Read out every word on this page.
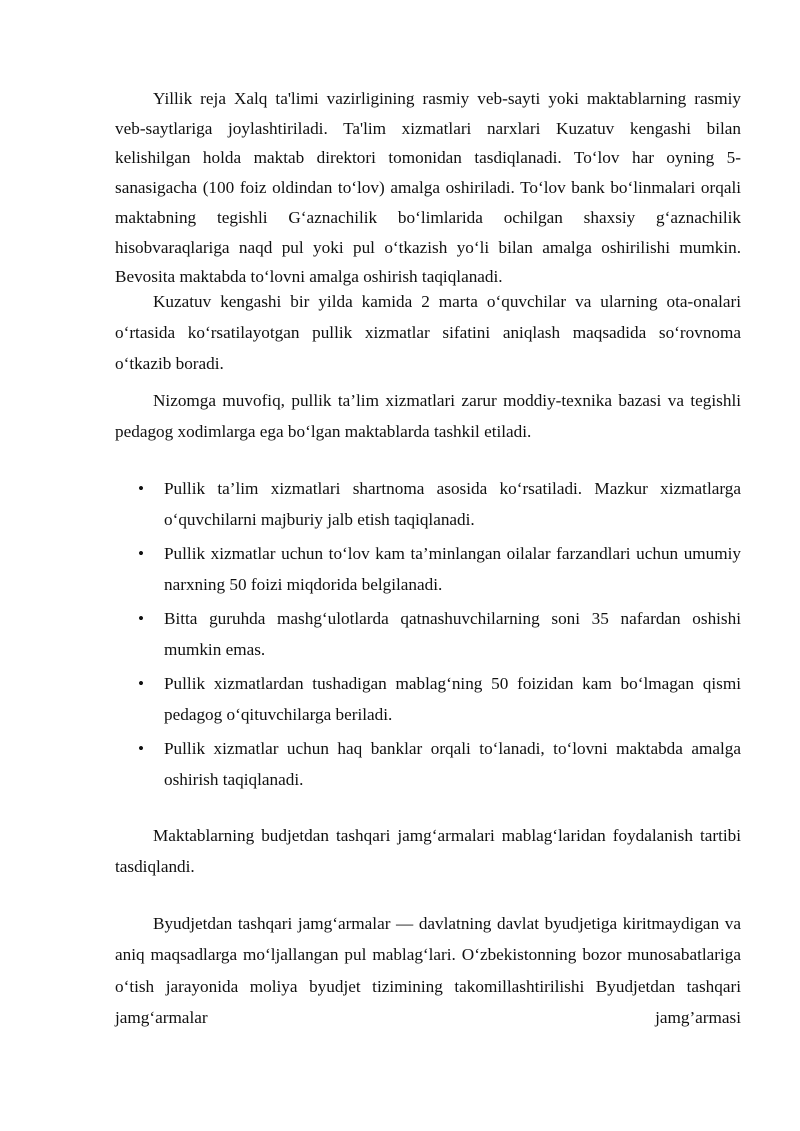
Yillik reja Xalq ta'limi vazirligining rasmiy veb-sayti yoki maktablarning rasmiy veb-saytlariga joylashtiriladi. Ta'lim xizmatlari narxlari Kuzatuv kengashi bilan kelishilgan holda maktab direktori tomonidan tasdiqlanadi. To‘lov har oyning 5-sanasigacha (100 foiz oldindan to‘lov) amalga oshiriladi. To‘lov bank bo‘linmalari orqali maktabning tegishli G‘aznachilik bo‘limlarida ochilgan shaxsiy g‘aznachilik hisobvaraqlariga naqd pul yoki pul o‘tkazish yo‘li bilan amalga oshirilishi mumkin. Bevosita maktabda to‘lovni amalga oshirish taqiqlanadi.

Kuzatuv kengashi bir yilda kamida 2 marta o‘quvchilar va ularning ota-onalari o‘rtasida ko‘rsatilayotgan pullik xizmatlar sifatini aniqlash maqsadida so‘rovnoma o‘tkazib boradi.

Nizomga muvofiq, pullik ta’lim xizmatlari zarur moddiy-texnika bazasi va tegishli pedagog xodimlarga ega bo‘lgan maktablarda tashkil etiladi.

• Pullik ta’lim xizmatlari shartnoma asosida ko‘rsatiladi. Mazkur xizmatlarga o‘quvchilarni majburiy jalb etish taqiqlanadi.
• Pullik xizmatlar uchun to‘lov kam ta’minlangan oilalar farzandlari uchun umumiy narxning 50 foizi miqdorida belgilanadi.
• Bitta guruhda mashg‘ulotlarda qatnashuvchilarning soni 35 nafardan oshishi mumkin emas.
• Pullik xizmatlardan tushadigan mablag‘ning 50 foizidan kam bo‘lmagan qismi pedagog o‘qituvchilarga beriladi.
• Pullik xizmatlar uchun haq banklar orqali to‘lanadi, to‘lovni maktabda amalga oshirish taqiqlanadi.

Maktablarning budjetdan tashqari jamg‘armalari mablag‘laridan foydalanish tartibi tasdiqlandi.

Byudjetdan tashqari jamg‘armalar — davlatning davlat byudjetiga kiritmaydigan va aniq maqsadlarga mo‘ljallangan pul mablag‘lari. O‘zbekistonning bozor munosabatlariga o‘tish jarayonida moliya byudjet tizimining takomillashtirilishi Byudjetdan tashqari jamg‘armalar jamg’armasi
